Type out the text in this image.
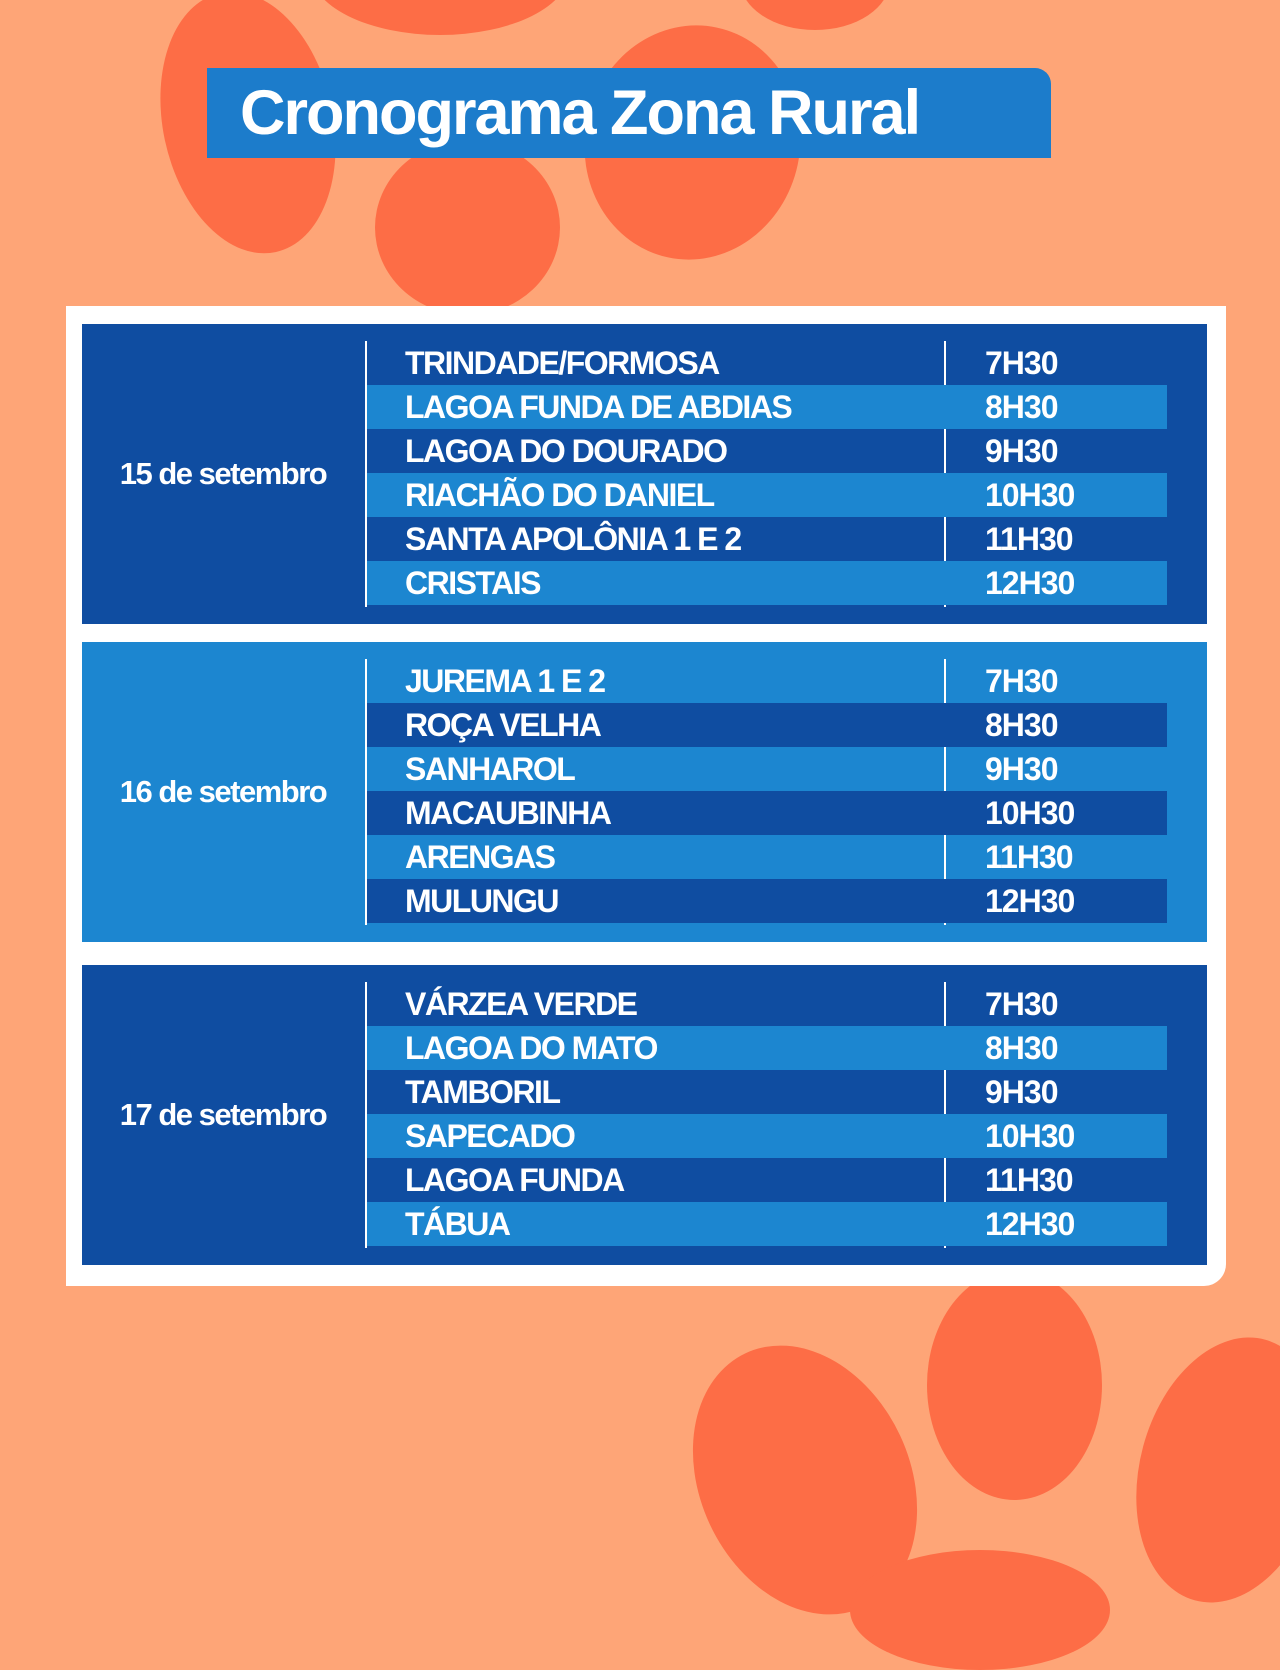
Cronograma Zona Rural
15 de setembro
TRINDADE/FORMOSA	7H30
LAGOA FUNDA DE ABDIAS	8H30
LAGOA DO DOURADO	9H30
RIACHÃO DO DANIEL	10H30
SANTA APOLÔNIA 1 E 2	11H30
CRISTAIS	12H30
16 de setembro
JUREMA 1 E 2	7H30
ROÇA VELHA	8H30
SANHAROL	9H30
MACAUBINHA	10H30
ARENGAS	11H30
MULUNGU	12H30
17 de setembro
VÁRZEA VERDE	7H30
LAGOA DO MATO	8H30
TAMBORIL	9H30
SAPECADO	10H30
LAGOA FUNDA	11H30
TÁBUA	12H30
